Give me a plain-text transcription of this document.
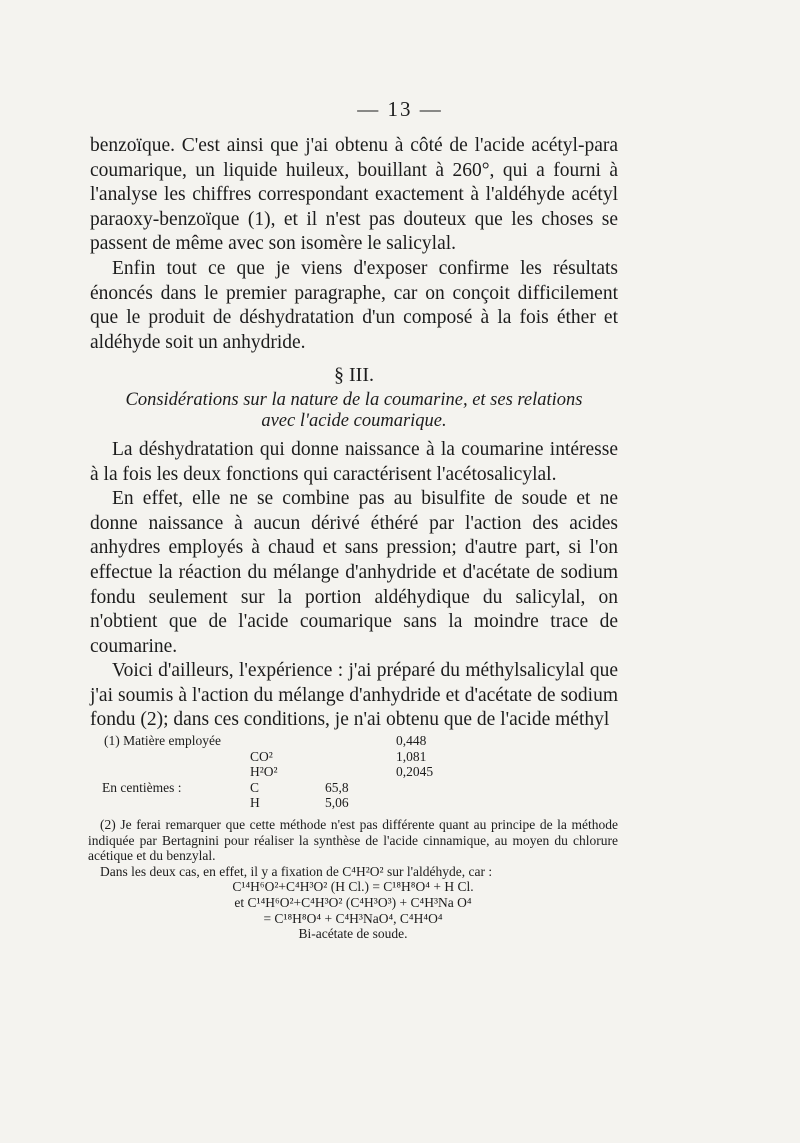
— 13 —

benzoïque. C'est ainsi que j'ai obtenu à côté de l'acide acétyl-para coumarique, un liquide huileux, bouillant à 260°, qui a fourni à l'analyse les chiffres correspondant exactement à l'aldéhyde acétyl paraoxy-benzoïque (1), et il n'est pas douteux que les choses se passent de même avec son isomère le salicylal.

Enfin tout ce que je viens d'exposer confirme les résultats énoncés dans le premier paragraphe, car on conçoit difficilement que le produit de déshydratation d'un composé à la fois éther et aldéhyde soit un anhydride.

§ III.
Considérations sur la nature de la coumarine, et ses relations
avec l'acide coumarique.

La déshydratation qui donne naissance à la coumarine intéresse à la fois les deux fonctions qui caractérisent l'acétosalicylal.

En effet, elle ne se combine pas au bisulfite de soude et ne donne naissance à aucun dérivé éthéré par l'action des acides anhydres employés à chaud et sans pression; d'autre part, si l'on effectue la réaction du mélange d'anhydride et d'acétate de sodium fondu seulement sur la portion aldéhydique du salicylal, on n'obtient que de l'acide coumarique sans la moindre trace de coumarine.

Voici d'ailleurs, l'expérience : j'ai préparé du méthylsalicylal que j'ai soumis à l'action du mélange d'anhydride et d'acétate de sodium fondu (2); dans ces conditions, je n'ai obtenu que de l'acide méthyl

(1) Matière employée	0,448
CO²	1,081
H²O²	0,2045
En centièmes :	C	65,8
H	5,06
(2) Je ferai remarquer que cette méthode n'est pas différente quant au principe de la méthode indiquée par Bertagnini pour réaliser la synthèse de l'acide cinnamique, au moyen du chlorure acétique et du benzylal.
Dans les deux cas, en effet, il y a fixation de C⁴H²O² sur l'aldéhyde, car :
C¹⁴H⁶O²+C⁴H³O² (H Cl.) = C¹⁸H⁸O⁴ + H Cl.
et C¹⁴H⁶O²+C⁴H³O² (C⁴H³O³) + C⁴H³Na O⁴
= C¹⁸H⁸O⁴ + C⁴H³NaO⁴, C⁴H⁴O⁴
Bi-acétate de soude.
